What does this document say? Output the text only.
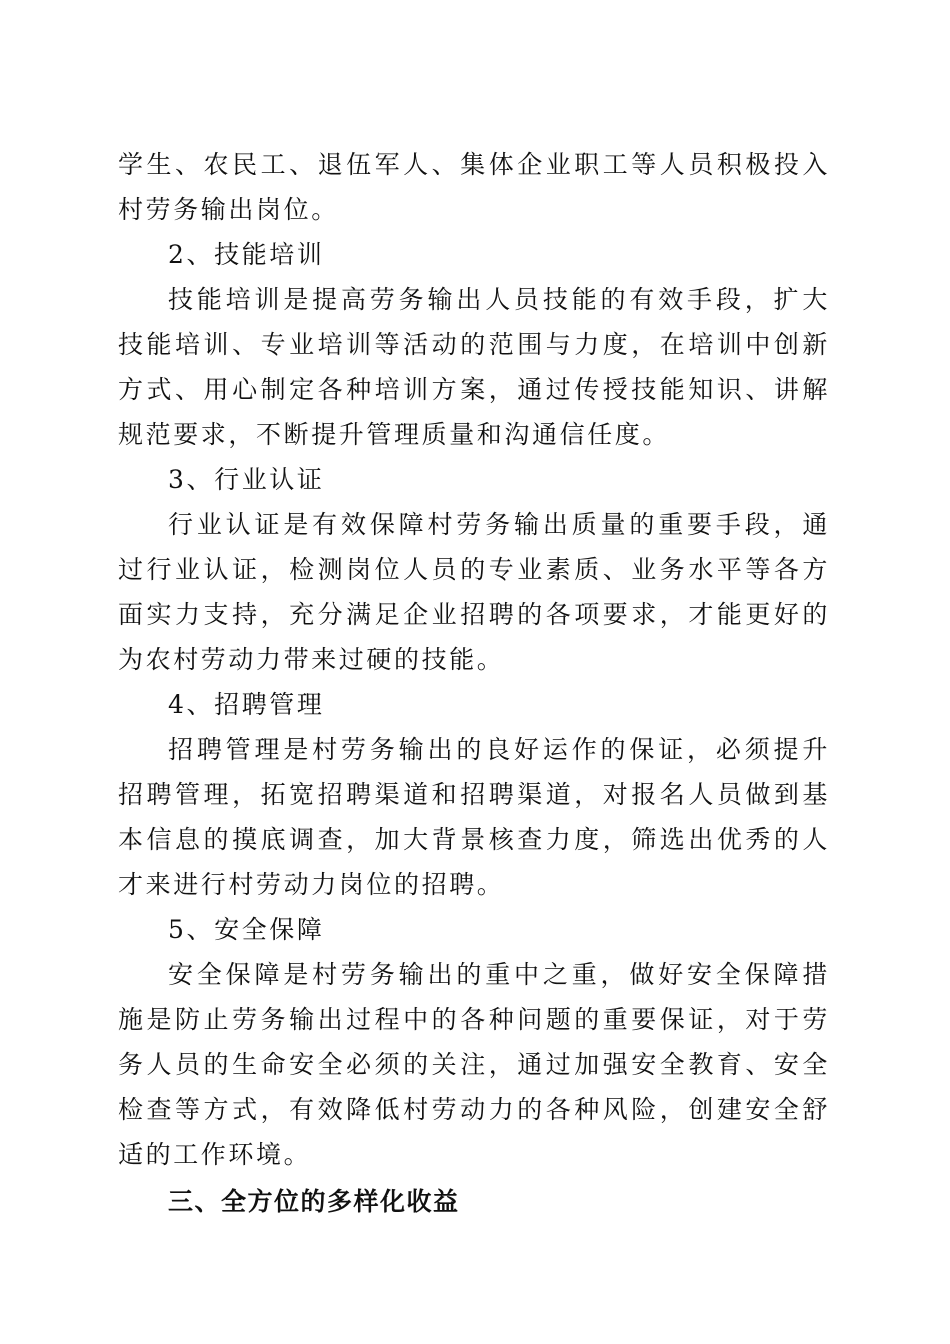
学生、农民工、退伍军人、集体企业职工等人员积极投入村劳务输出岗位。

2、技能培训

技能培训是提高劳务输出人员技能的有效手段，扩大技能培训、专业培训等活动的范围与力度，在培训中创新方式、用心制定各种培训方案，通过传授技能知识、讲解规范要求，不断提升管理质量和沟通信任度。

3、行业认证

行业认证是有效保障村劳务输出质量的重要手段，通过行业认证，检测岗位人员的专业素质、业务水平等各方面实力支持，充分满足企业招聘的各项要求，才能更好的为农村劳动力带来过硬的技能。

4、招聘管理

招聘管理是村劳务输出的良好运作的保证，必须提升招聘管理，拓宽招聘渠道和招聘渠道，对报名人员做到基本信息的摸底调查，加大背景核查力度，筛选出优秀的人才来进行村劳动力岗位的招聘。

5、安全保障

安全保障是村劳务输出的重中之重，做好安全保障措施是防止劳务输出过程中的各种问题的重要保证，对于劳务人员的生命安全必须的关注，通过加强安全教育、安全检查等方式，有效降低村劳动力的各种风险，创建安全舒适的工作环境。

三、全方位的多样化收益
